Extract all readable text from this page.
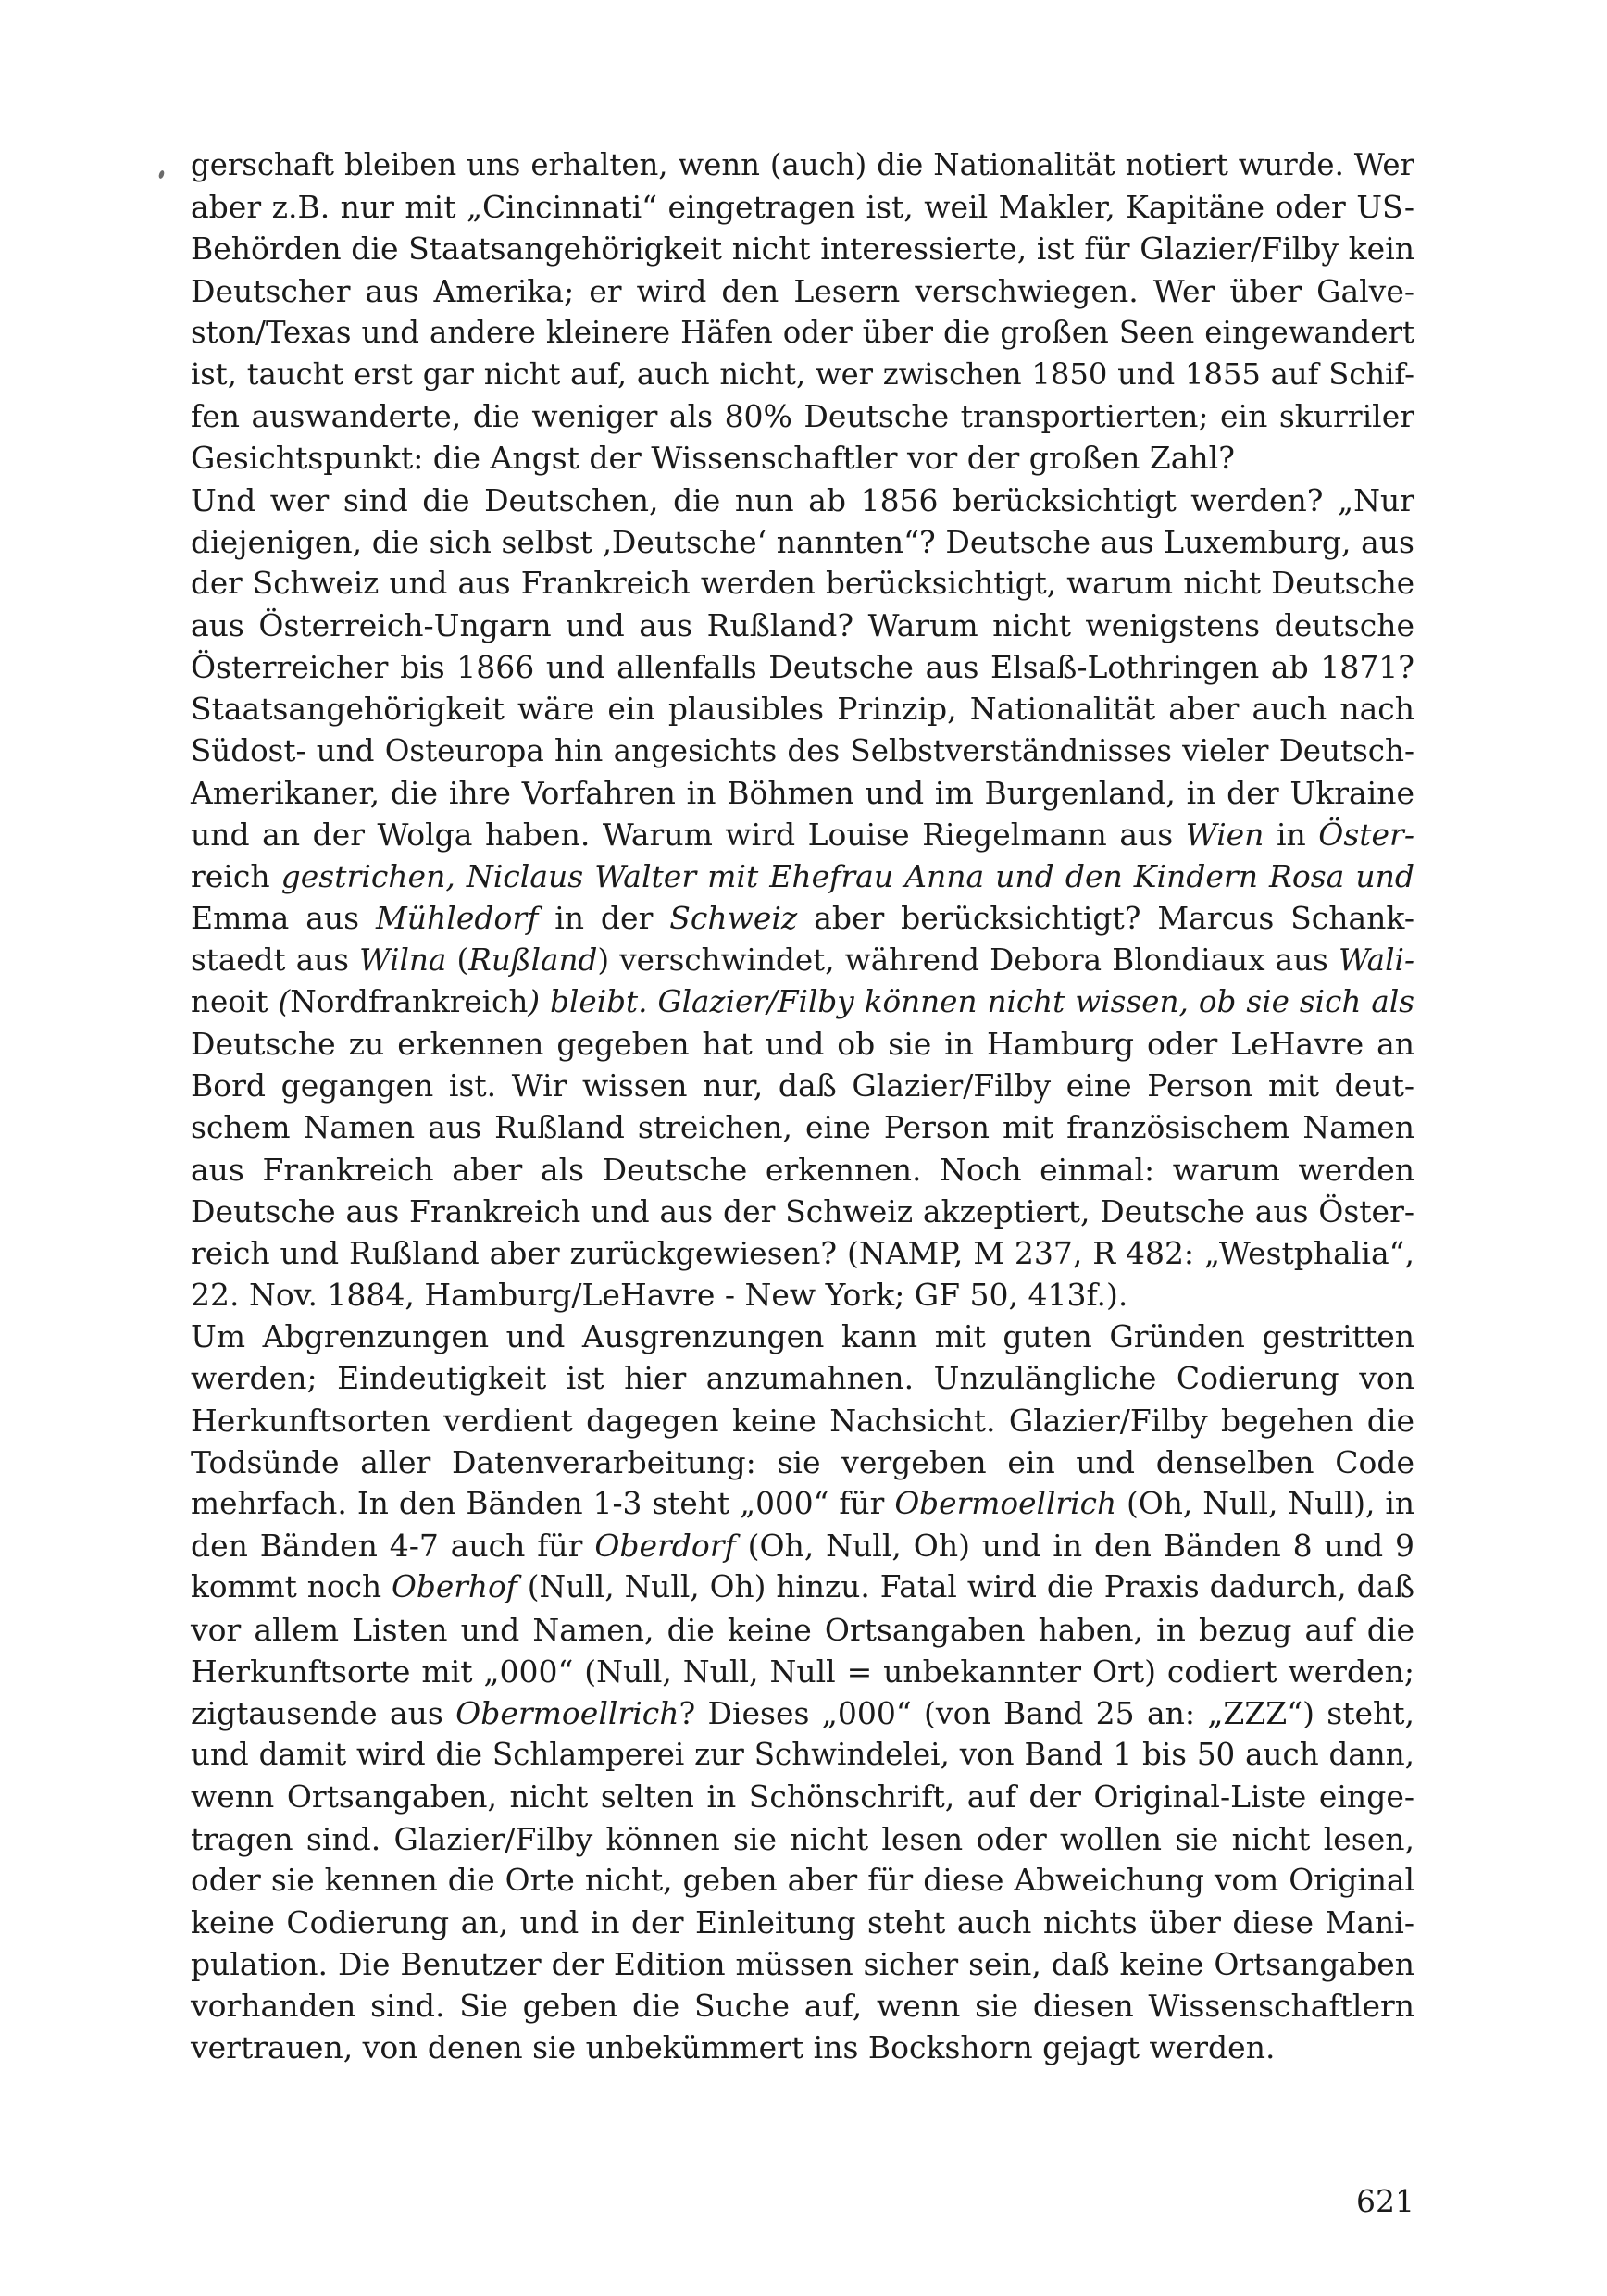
gerschaft bleiben uns erhalten, wenn (auch) die Nationalität notiert wurde. Wer
aber z.B. nur mit „Cincinnati“ eingetragen ist, weil Makler, Kapitäne oder US-
Behörden die Staatsangehörigkeit nicht interessierte, ist für Glazier/Filby kein
Deutscher aus Amerika; er wird den Lesern verschwiegen. Wer über Galve-
ston/Texas und andere kleinere Häfen oder über die großen Seen eingewandert
ist, taucht erst gar nicht auf, auch nicht, wer zwischen 1850 und 1855 auf Schif-
fen auswanderte, die weniger als 80% Deutsche transportierten; ein skurriler
Gesichtspunkt: die Angst der Wissenschaftler vor der großen Zahl?
Und wer sind die Deutschen, die nun ab 1856 berücksichtigt werden? „Nur
diejenigen, die sich selbst ‚Deutsche‘ nannten“? Deutsche aus Luxemburg, aus
der Schweiz und aus Frankreich werden berücksichtigt, warum nicht Deutsche
aus Österreich-Ungarn und aus Rußland? Warum nicht wenigstens deutsche
Österreicher bis 1866 und allenfalls Deutsche aus Elsaß-Lothringen ab 1871?
Staatsangehörigkeit wäre ein plausibles Prinzip, Nationalität aber auch nach
Südost- und Osteuropa hin angesichts des Selbstverständnisses vieler Deutsch-
Amerikaner, die ihre Vorfahren in Böhmen und im Burgenland, in der Ukraine
und an der Wolga haben. Warum wird Louise Riegelmann aus Wien in Öster-
reich gestrichen, Niclaus Walter mit Ehefrau Anna und den Kindern Rosa und
Emma aus Mühledorf in der Schweiz aber berücksichtigt? Marcus Schank-
staedt aus Wilna (Rußland) verschwindet, während Debora Blondiaux aus Wali-
neoit (Nordfrankreich) bleibt. Glazier/Filby können nicht wissen, ob sie sich als
Deutsche zu erkennen gegeben hat und ob sie in Hamburg oder LeHavre an
Bord gegangen ist. Wir wissen nur, daß Glazier/Filby eine Person mit deut-
schem Namen aus Rußland streichen, eine Person mit französischem Namen
aus Frankreich aber als Deutsche erkennen. Noch einmal: warum werden
Deutsche aus Frankreich und aus der Schweiz akzeptiert, Deutsche aus Öster-
reich und Rußland aber zurückgewiesen? (NAMP, M 237, R 482: „Westphalia“,
22. Nov. 1884, Hamburg/LeHavre - New York; GF 50, 413f.).
Um Abgrenzungen und Ausgrenzungen kann mit guten Gründen gestritten
werden; Eindeutigkeit ist hier anzumahnen. Unzulängliche Codierung von
Herkunftsorten verdient dagegen keine Nachsicht. Glazier/Filby begehen die
Todsünde aller Datenverarbeitung: sie vergeben ein und denselben Code
mehrfach. In den Bänden 1-3 steht „000“ für Obermoellrich (Oh, Null, Null), in
den Bänden 4-7 auch für Oberdorf (Oh, Null, Oh) und in den Bänden 8 und 9
kommt noch Oberhof (Null, Null, Oh) hinzu. Fatal wird die Praxis dadurch, daß
vor allem Listen und Namen, die keine Ortsangaben haben, in bezug auf die
Herkunftsorte mit „000“ (Null, Null, Null = unbekannter Ort) codiert werden;
zigtausende aus Obermoellrich? Dieses „000“ (von Band 25 an: „ZZZ“) steht,
und damit wird die Schlamperei zur Schwindelei, von Band 1 bis 50 auch dann,
wenn Ortsangaben, nicht selten in Schönschrift, auf der Original-Liste einge-
tragen sind. Glazier/Filby können sie nicht lesen oder wollen sie nicht lesen,
oder sie kennen die Orte nicht, geben aber für diese Abweichung vom Original
keine Codierung an, und in der Einleitung steht auch nichts über diese Mani-
pulation. Die Benutzer der Edition müssen sicher sein, daß keine Ortsangaben
vorhanden sind. Sie geben die Suche auf, wenn sie diesen Wissenschaftlern
vertrauen, von denen sie unbekümmert ins Bockshorn gejagt werden.
621
